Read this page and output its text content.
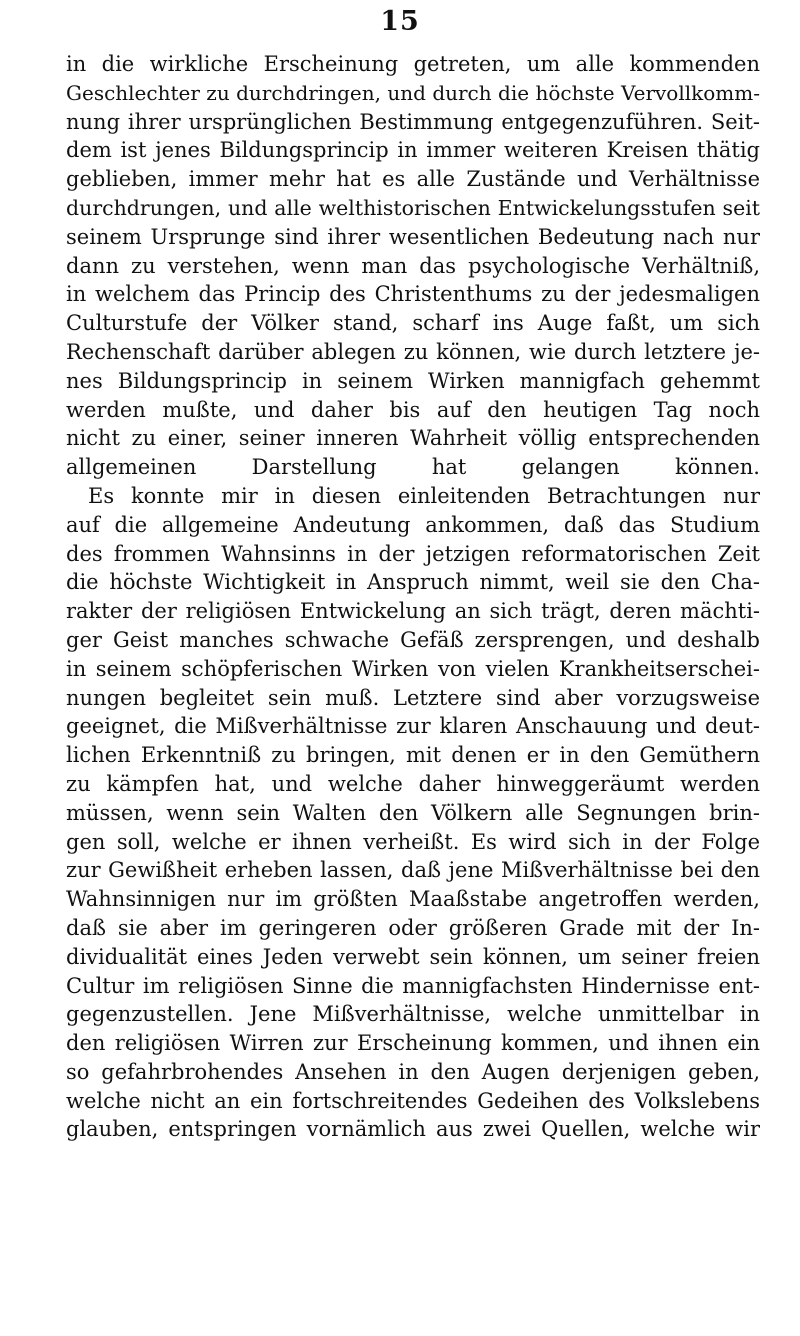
15
in die wirkliche Erscheinung getreten, um alle kommenden
Geschlechter zu durchdringen, und durch die höchste Vervollkomm-
nung ihrer ursprünglichen Bestimmung entgegenzuführen. Seit-
dem ist jenes Bildungsprincip in immer weiteren Kreisen thätig
geblieben, immer mehr hat es alle Zustände und Verhältnisse
durchdrungen, und alle welthistorischen Entwickelungsstufen seit
seinem Ursprunge sind ihrer wesentlichen Bedeutung nach nur
dann zu verstehen, wenn man das psychologische Verhältniß,
in welchem das Princip des Christenthums zu der jedesmaligen
Culturstufe der Völker stand, scharf ins Auge faßt, um sich
Rechenschaft darüber ablegen zu können, wie durch letztere je-
nes Bildungsprincip in seinem Wirken mannigfach gehemmt
werden mußte, und daher bis auf den heutigen Tag noch
nicht zu einer, seiner inneren Wahrheit völlig entsprechenden
allgemeinen Darstellung hat gelangen können.
Es konnte mir in diesen einleitenden Betrachtungen nur
auf die allgemeine Andeutung ankommen, daß das Studium
des frommen Wahnsinns in der jetzigen reformatorischen Zeit
die höchste Wichtigkeit in Anspruch nimmt, weil sie den Cha-
rakter der religiösen Entwickelung an sich trägt, deren mächti-
ger Geist manches schwache Gefäß zersprengen, und deshalb
in seinem schöpferischen Wirken von vielen Krankheitserschei-
nungen begleitet sein muß. Letztere sind aber vorzugsweise
geeignet, die Mißverhältnisse zur klaren Anschauung und deut-
lichen Erkenntniß zu bringen, mit denen er in den Gemüthern
zu kämpfen hat, und welche daher hinweggeräumt werden
müssen, wenn sein Walten den Völkern alle Segnungen brin-
gen soll, welche er ihnen verheißt. Es wird sich in der Folge
zur Gewißheit erheben lassen, daß jene Mißverhältnisse bei den
Wahnsinnigen nur im größten Maaßstabe angetroffen werden,
daß sie aber im geringeren oder größeren Grade mit der In-
dividualität eines Jeden verwebt sein können, um seiner freien
Cultur im religiösen Sinne die mannigfachsten Hindernisse ent-
gegenzustellen. Jene Mißverhältnisse, welche unmittelbar in
den religiösen Wirren zur Erscheinung kommen, und ihnen ein
so gefahrbrohendes Ansehen in den Augen derjenigen geben,
welche nicht an ein fortschreitendes Gedeihen des Volkslebens
glauben, entspringen vornämlich aus zwei Quellen, welche wir
